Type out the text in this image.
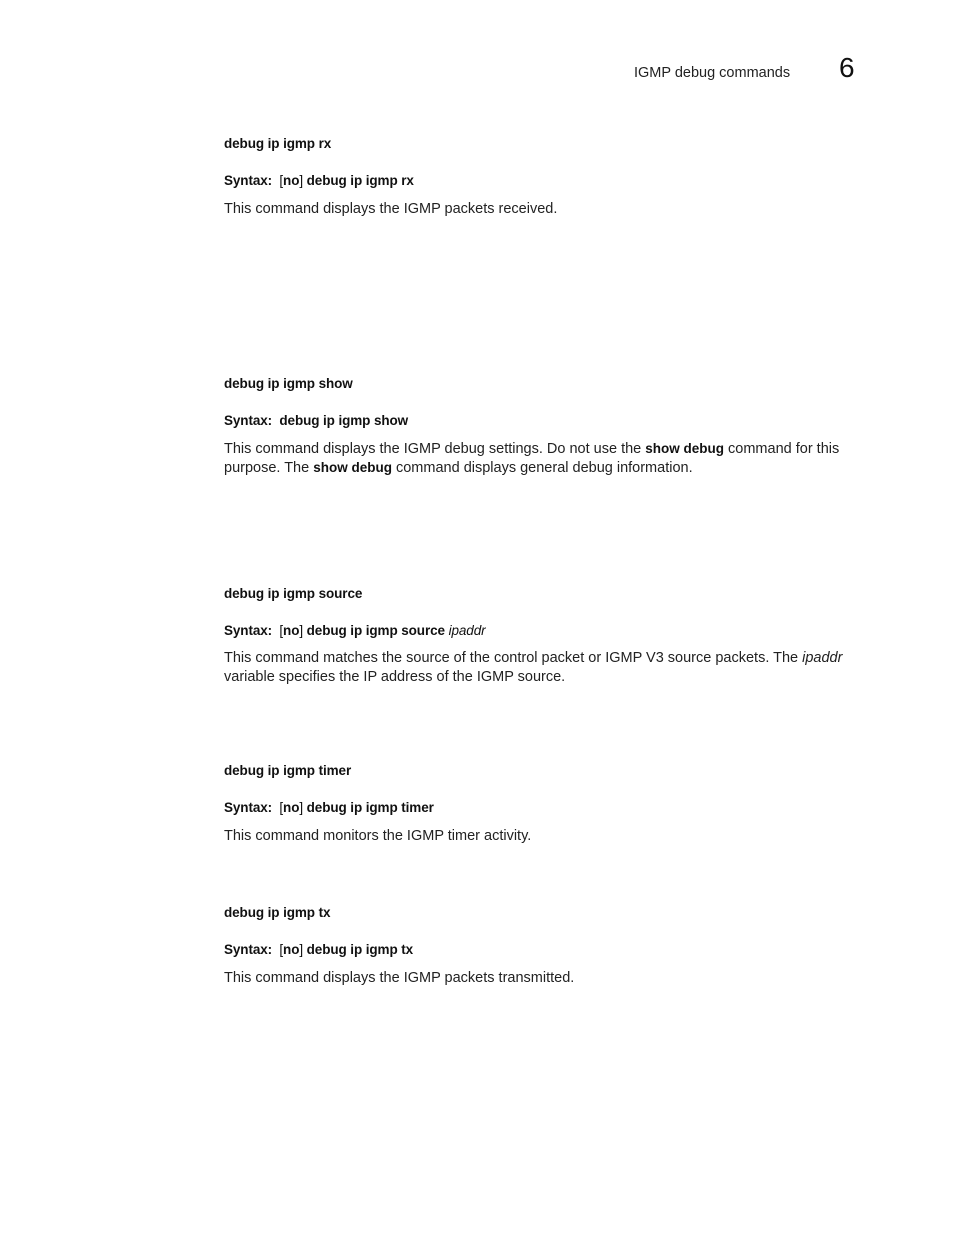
IGMP debug commands 6
debug ip igmp rx
Syntax: [no] debug ip igmp rx
This command displays the IGMP packets received.
debug ip igmp show
Syntax: debug ip igmp show
This command displays the IGMP debug settings. Do not use the show debug command for this purpose. The show debug command displays general debug information.
debug ip igmp source
Syntax: [no] debug ip igmp source ipaddr
This command matches the source of the control packet or IGMP V3 source packets. The ipaddr variable specifies the IP address of the IGMP source.
debug ip igmp timer
Syntax: [no] debug ip igmp timer
This command monitors the IGMP timer activity.
debug ip igmp tx
Syntax: [no] debug ip igmp tx
This command displays the IGMP packets transmitted.
